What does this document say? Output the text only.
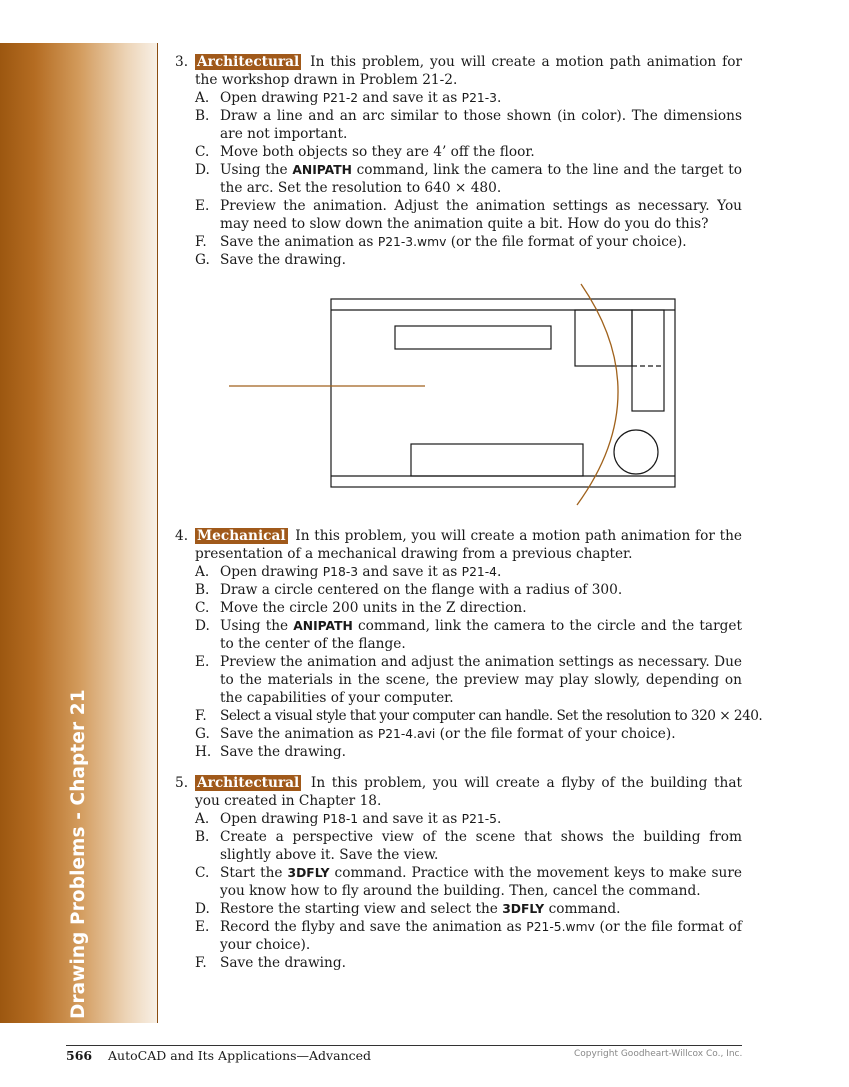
Drawing Problems - Chapter 21
3. Architectural In this problem, you will create a motion path animation for the workshop drawn in Problem 21-2.
A. Open drawing P21-2 and save it as P21-3.
B. Draw a line and an arc similar to those shown (in color). The dimensions are not important.
C. Move both objects so they are 4’ off the floor.
D. Using the ANIPATH command, link the camera to the line and the target to the arc. Set the resolution to 640 × 480.
E. Preview the animation. Adjust the animation settings as necessary. You may need to slow down the animation quite a bit. How do you do this?
F. Save the animation as P21-3.wmv (or the file format of your choice).
G. Save the drawing.
4. Mechanical In this problem, you will create a motion path animation for the presentation of a mechanical drawing from a previous chapter.
A. Open drawing P18-3 and save it as P21-4.
B. Draw a circle centered on the flange with a radius of 300.
C. Move the circle 200 units in the Z direction.
D. Using the ANIPATH command, link the camera to the circle and the target to the center of the flange.
E. Preview the animation and adjust the animation settings as necessary. Due to the materials in the scene, the preview may play slowly, depending on the capabilities of your computer.
F. Select a visual style that your computer can handle. Set the resolution to 320 × 240.
G. Save the animation as P21-4.avi (or the file format of your choice).
H. Save the drawing.
5. Architectural In this problem, you will create a flyby of the building that you created in Chapter 18.
A. Open drawing P18-1 and save it as P21-5.
B. Create a perspective view of the scene that shows the building from slightly above it. Save the view.
C. Start the 3DFLY command. Practice with the movement keys to make sure you know how to fly around the building. Then, cancel the command.
D. Restore the starting view and select the 3DFLY command.
E. Record the flyby and save the animation as P21-5.wmv (or the file format of your choice).
F. Save the drawing.
566 AutoCAD and Its Applications—Advanced	Copyright Goodheart-Willcox Co., Inc.
